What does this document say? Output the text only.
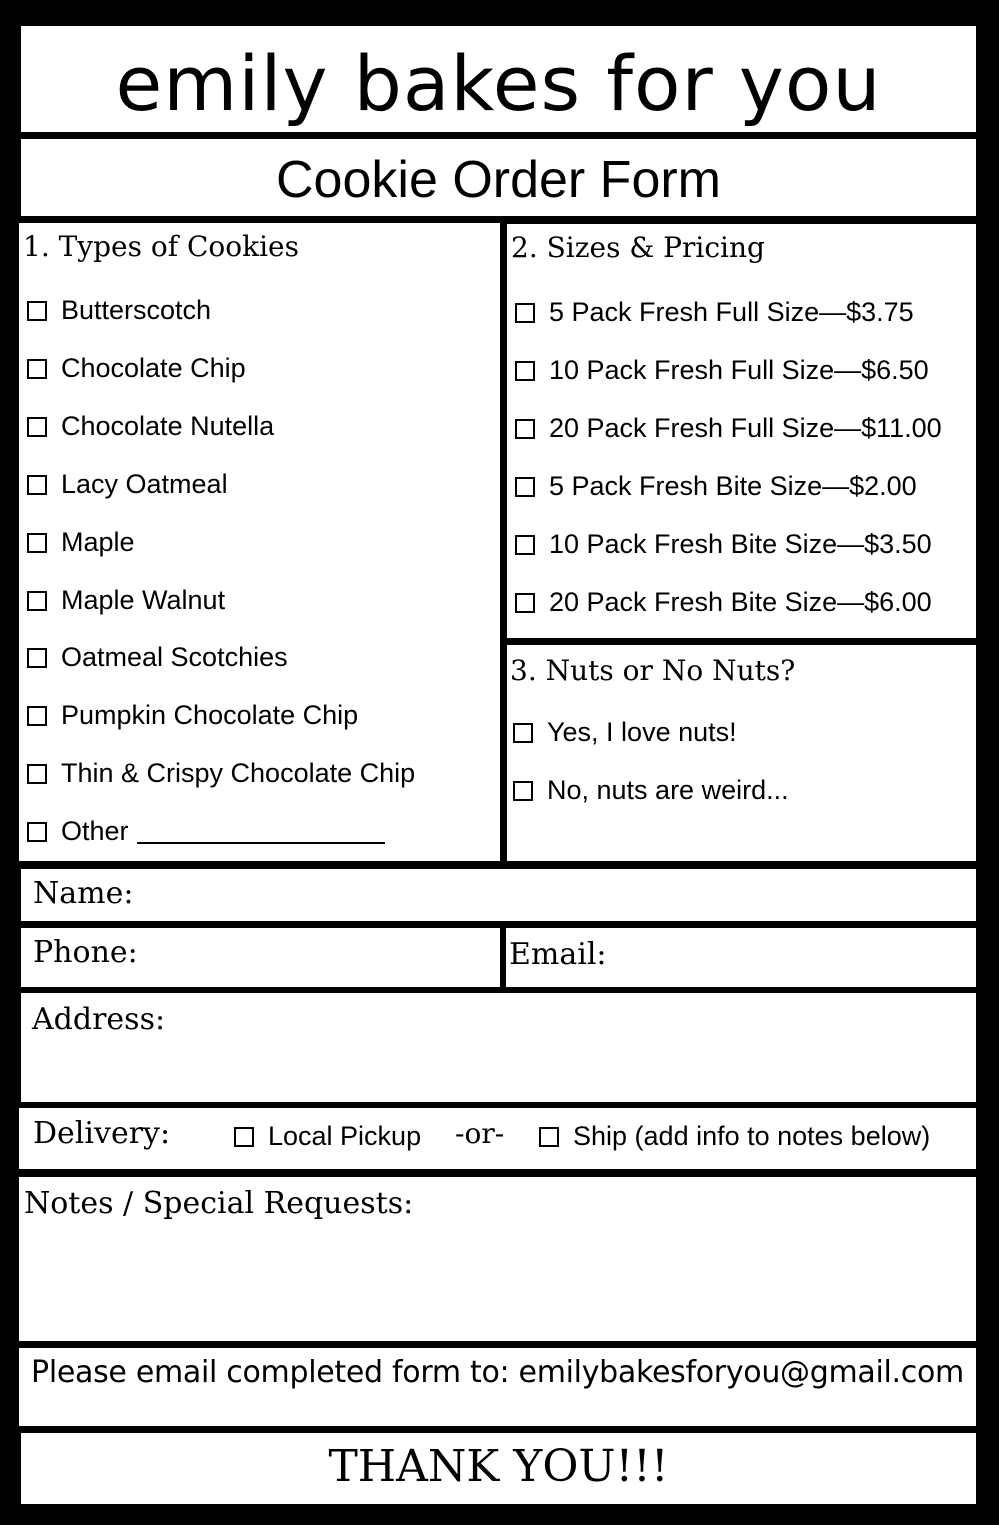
emily bakes for you
Cookie Order Form
1. Types of Cookies
Butterscotch
Chocolate Chip
Chocolate Nutella
Lacy Oatmeal
Maple
Maple Walnut
Oatmeal Scotchies
Pumpkin Chocolate Chip
Thin & Crispy Chocolate Chip
Other
2. Sizes & Pricing
5 Pack Fresh Full Size—$3.75
10 Pack Fresh Full Size—$6.50
20 Pack Fresh Full Size—$11.00
5 Pack Fresh Bite Size—$2.00
10 Pack Fresh Bite Size—$3.50
20 Pack Fresh Bite Size—$6.00
3. Nuts or No Nuts?
Yes, I love nuts!
No, nuts are weird...
Name:
Phone:	Email:
Address:
Delivery:	Local Pickup -or-	Ship (add info to notes below)
Notes / Special Requests:
Please email completed form to: emilybakesforyou@gmail.com
THANK YOU!!!
